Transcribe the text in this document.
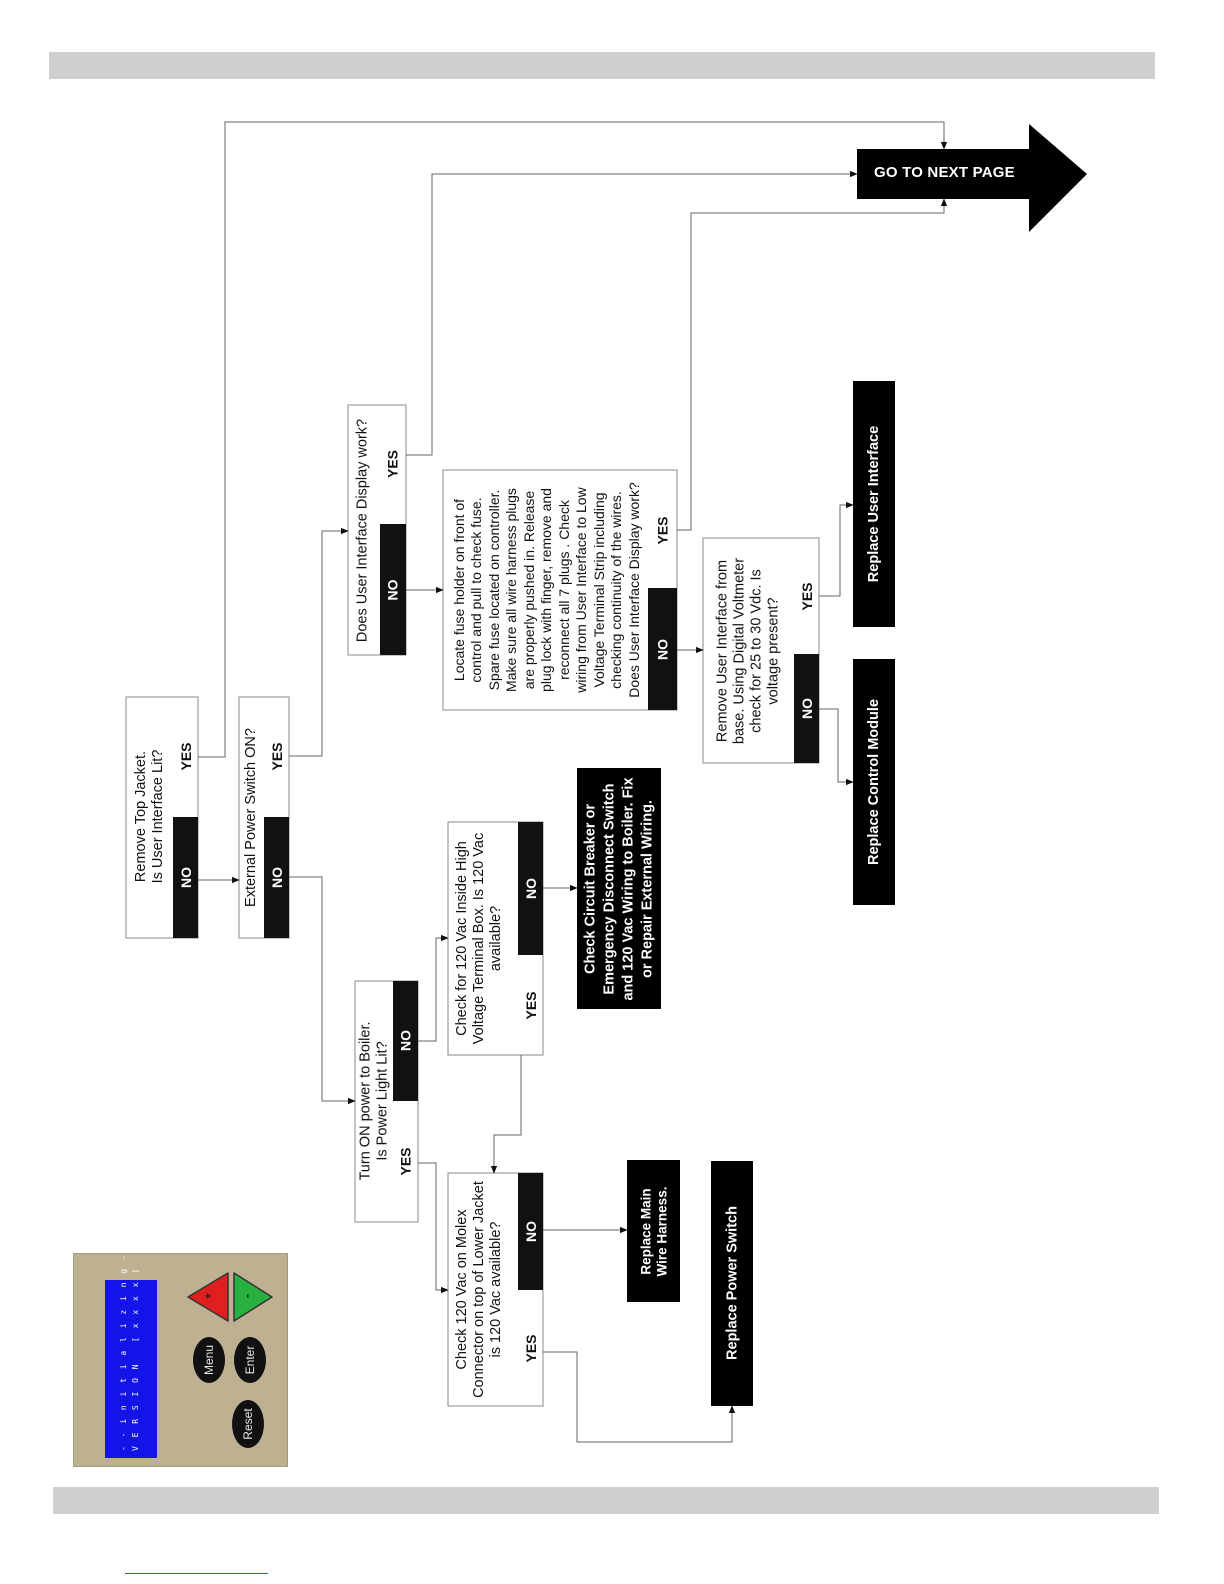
Remove Top Jacket.
Is User Interface Lit?
NO
YES	External Power Switch ON? NO
YES
Turn ON power to Boiler.
Is Power Light Lit?
NO
YES
Does User Interface Display work?	NO
YES
Locate fuse holder on front of
control and pull to check fuse.
Spare fuse located on controller.
Make sure all wire harness plugs
are properly pushed in. Release
plug lock with finger, remove and
reconnect all 7 plugs . Check
wiring from User Interface to Low
Voltage Terminal Strip including
checking continuity of the wires.
Does User Interface Display work?
NO
YES
Remove User Interface from
base. Using Digital Voltmeter
check for 25 to 30 Vdc. Is
voltage present?
NO
YES
Check for 120 Vac Inside High
Voltage Terminal Box. Is 120 Vac
available?
NO
YES
Check 120 Vac on Molex
Connector on top of Lower Jacket
is 120 Vac available?	NO
YES
Check Circuit Breaker or
Emergency Disconnect Switch
and 120 Vac Wiring to Boiler. Fix
or Repair External Wiring.
Replace Main
Wire Harness.	Replace Power Switch
Replace User Interface
Replace Control Module
GO TO NEXT PAGE
- - i n i t i a l i z i n g - - V E R S I O N   [ x x x x ]	+ -
Menu Enter
Reset
